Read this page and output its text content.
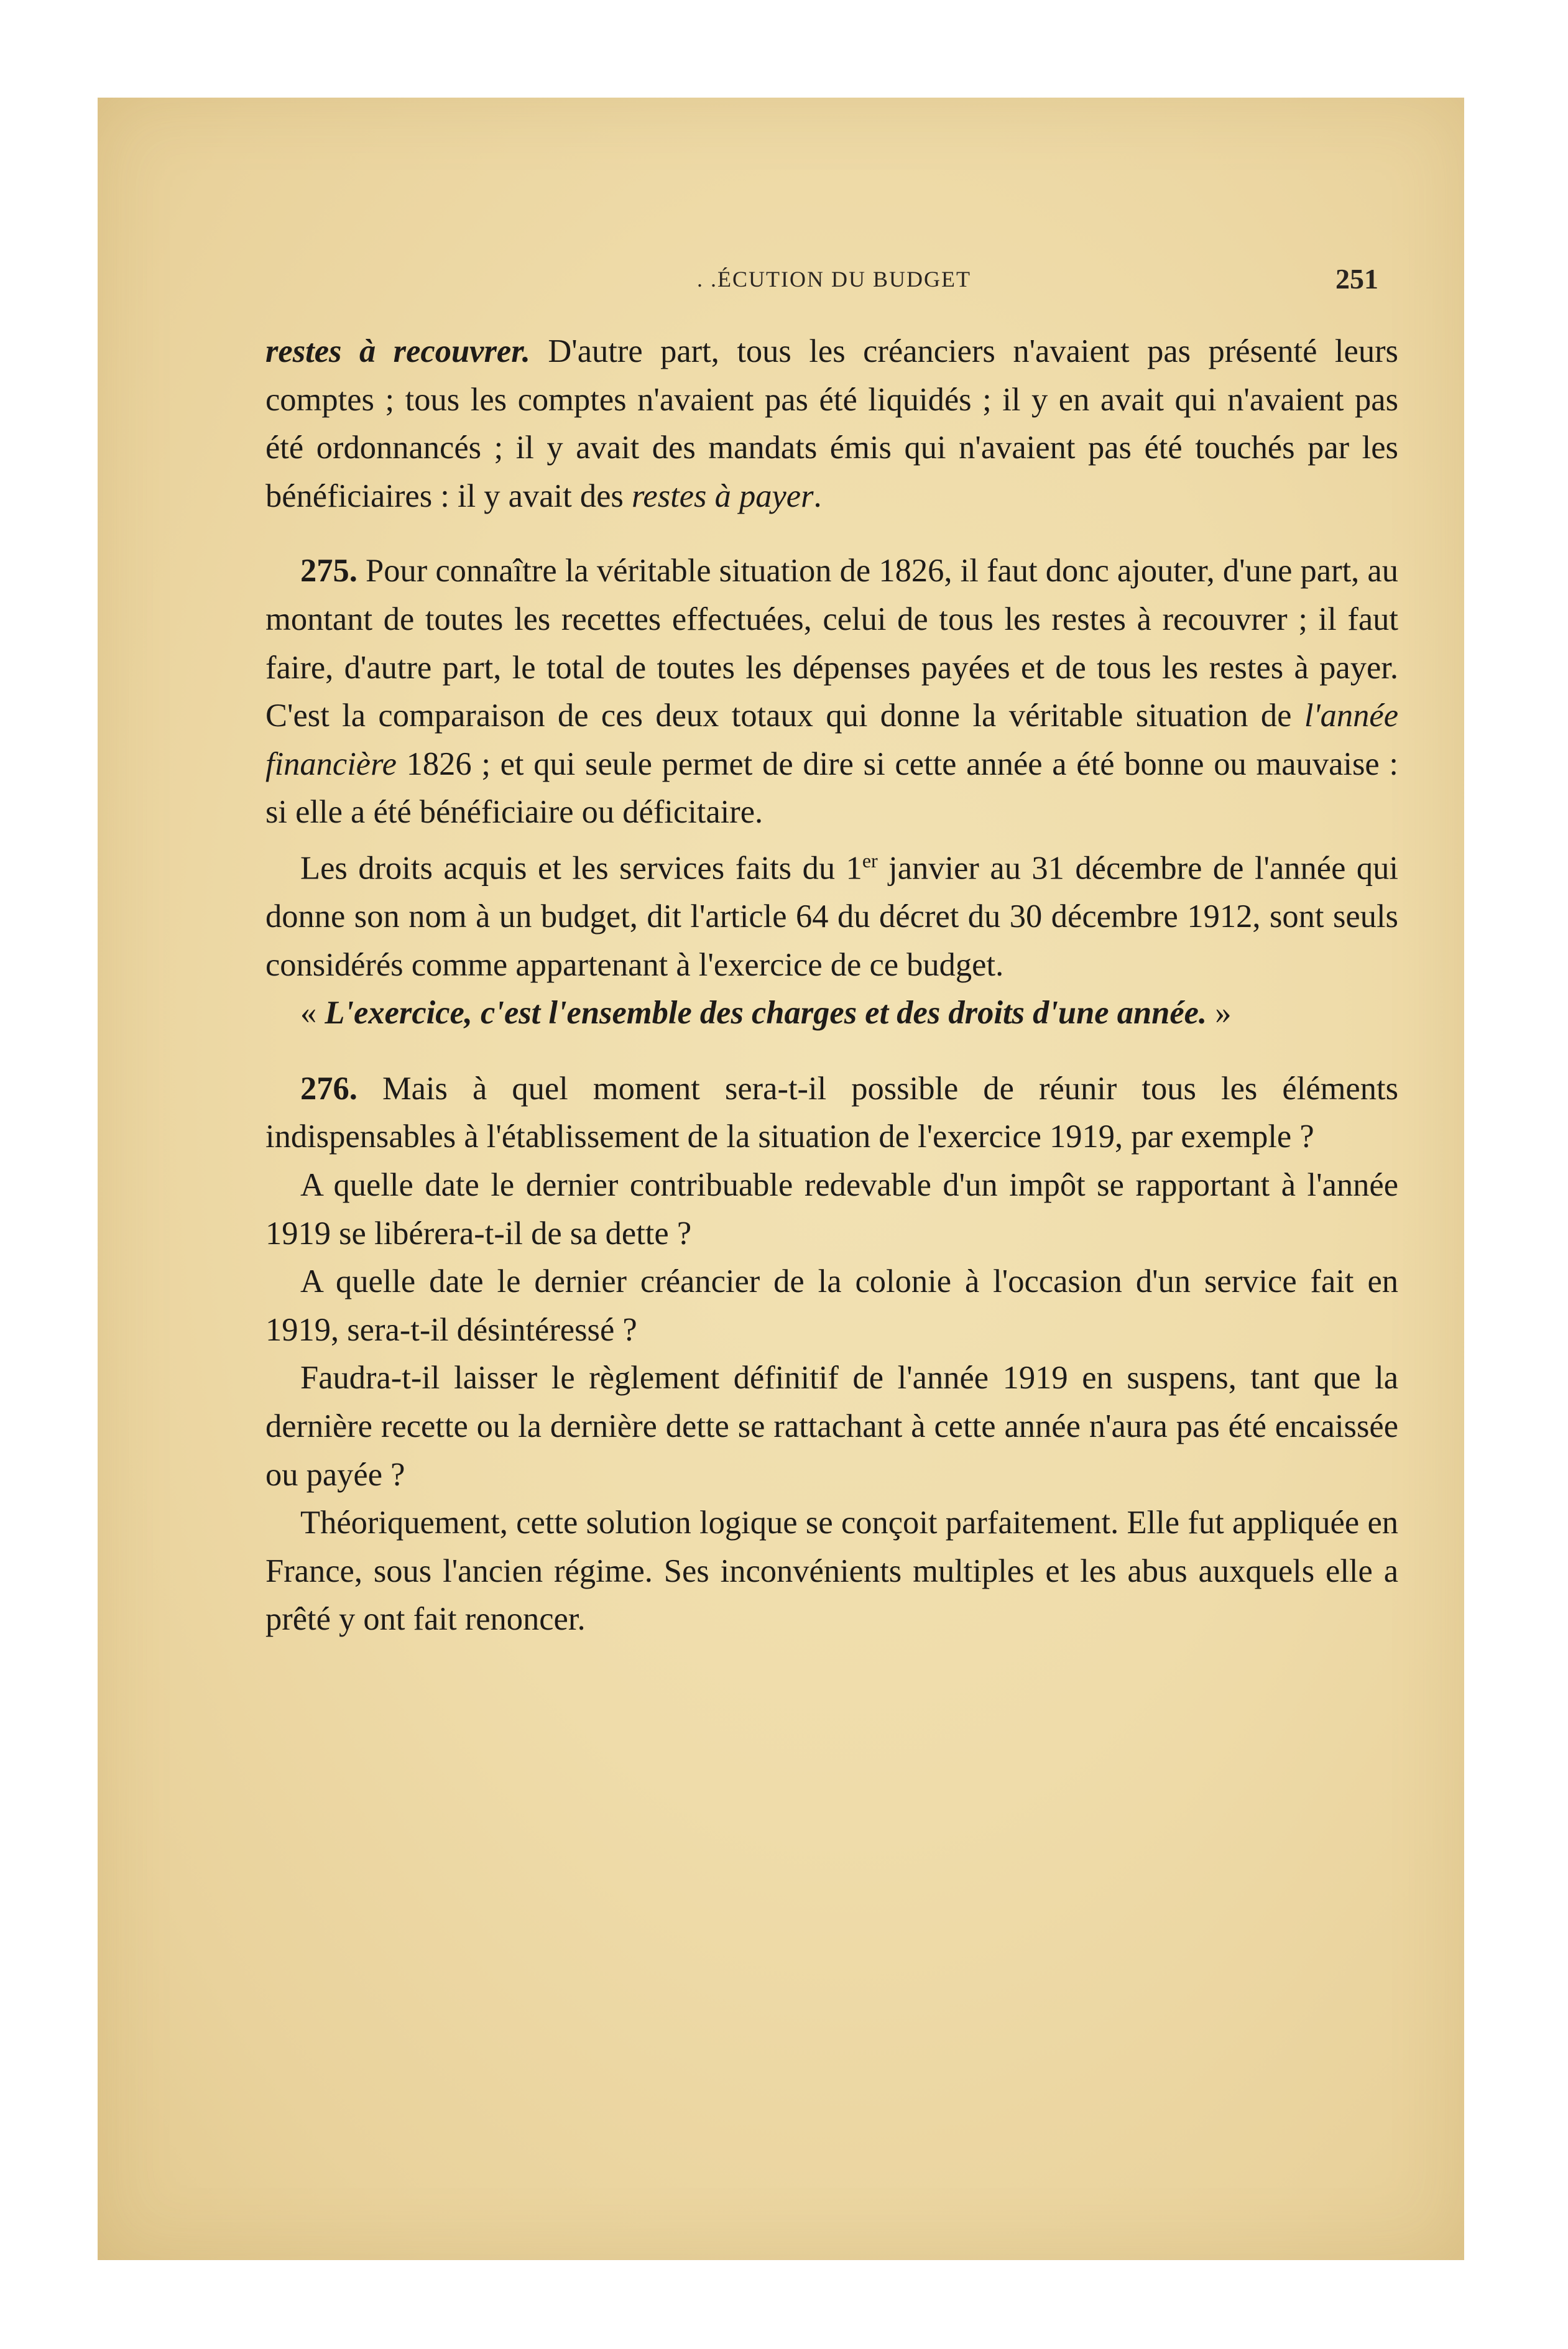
. .ÉCUTION DU BUDGET	251

restes à recouvrer. D'autre part, tous les créanciers n'avaient pas présenté leurs comptes ; tous les comptes n'avaient pas été liquidés ; il y en avait qui n'avaient pas été ordonnancés ; il y avait des mandats émis qui n'avaient pas été touchés par les bénéficiaires : il y avait des restes à payer.

275. Pour connaître la véritable situation de 1826, il faut donc ajouter, d'une part, au montant de toutes les recettes effectuées, celui de tous les restes à recouvrer ; il faut faire, d'autre part, le total de toutes les dépenses payées et de tous les restes à payer. C'est la comparaison de ces deux totaux qui donne la véritable situation de l'année financière 1826 ; et qui seule permet de dire si cette année a été bonne ou mauvaise : si elle a été bénéficiaire ou déficitaire.

Les droits acquis et les services faits du 1er janvier au 31 décembre de l'année qui donne son nom à un budget, dit l'article 64 du décret du 30 décembre 1912, sont seuls considérés comme appartenant à l'exercice de ce budget.

« L'exercice, c'est l'ensemble des charges et des droits d'une année. »

276. Mais à quel moment sera-t-il possible de réunir tous les éléments indispensables à l'établissement de la situation de l'exercice 1919, par exemple ?

A quelle date le dernier contribuable redevable d'un impôt se rapportant à l'année 1919 se libérera-t-il de sa dette ?

A quelle date le dernier créancier de la colonie à l'occasion d'un service fait en 1919, sera-t-il désintéressé ?

Faudra-t-il laisser le règlement définitif de l'année 1919 en suspens, tant que la dernière recette ou la dernière dette se rattachant à cette année n'aura pas été encaissée ou payée ?

Théoriquement, cette solution logique se conçoit parfaitement. Elle fut appliquée en France, sous l'ancien régime. Ses inconvénients multiples et les abus auxquels elle a prêté y ont fait renoncer.
